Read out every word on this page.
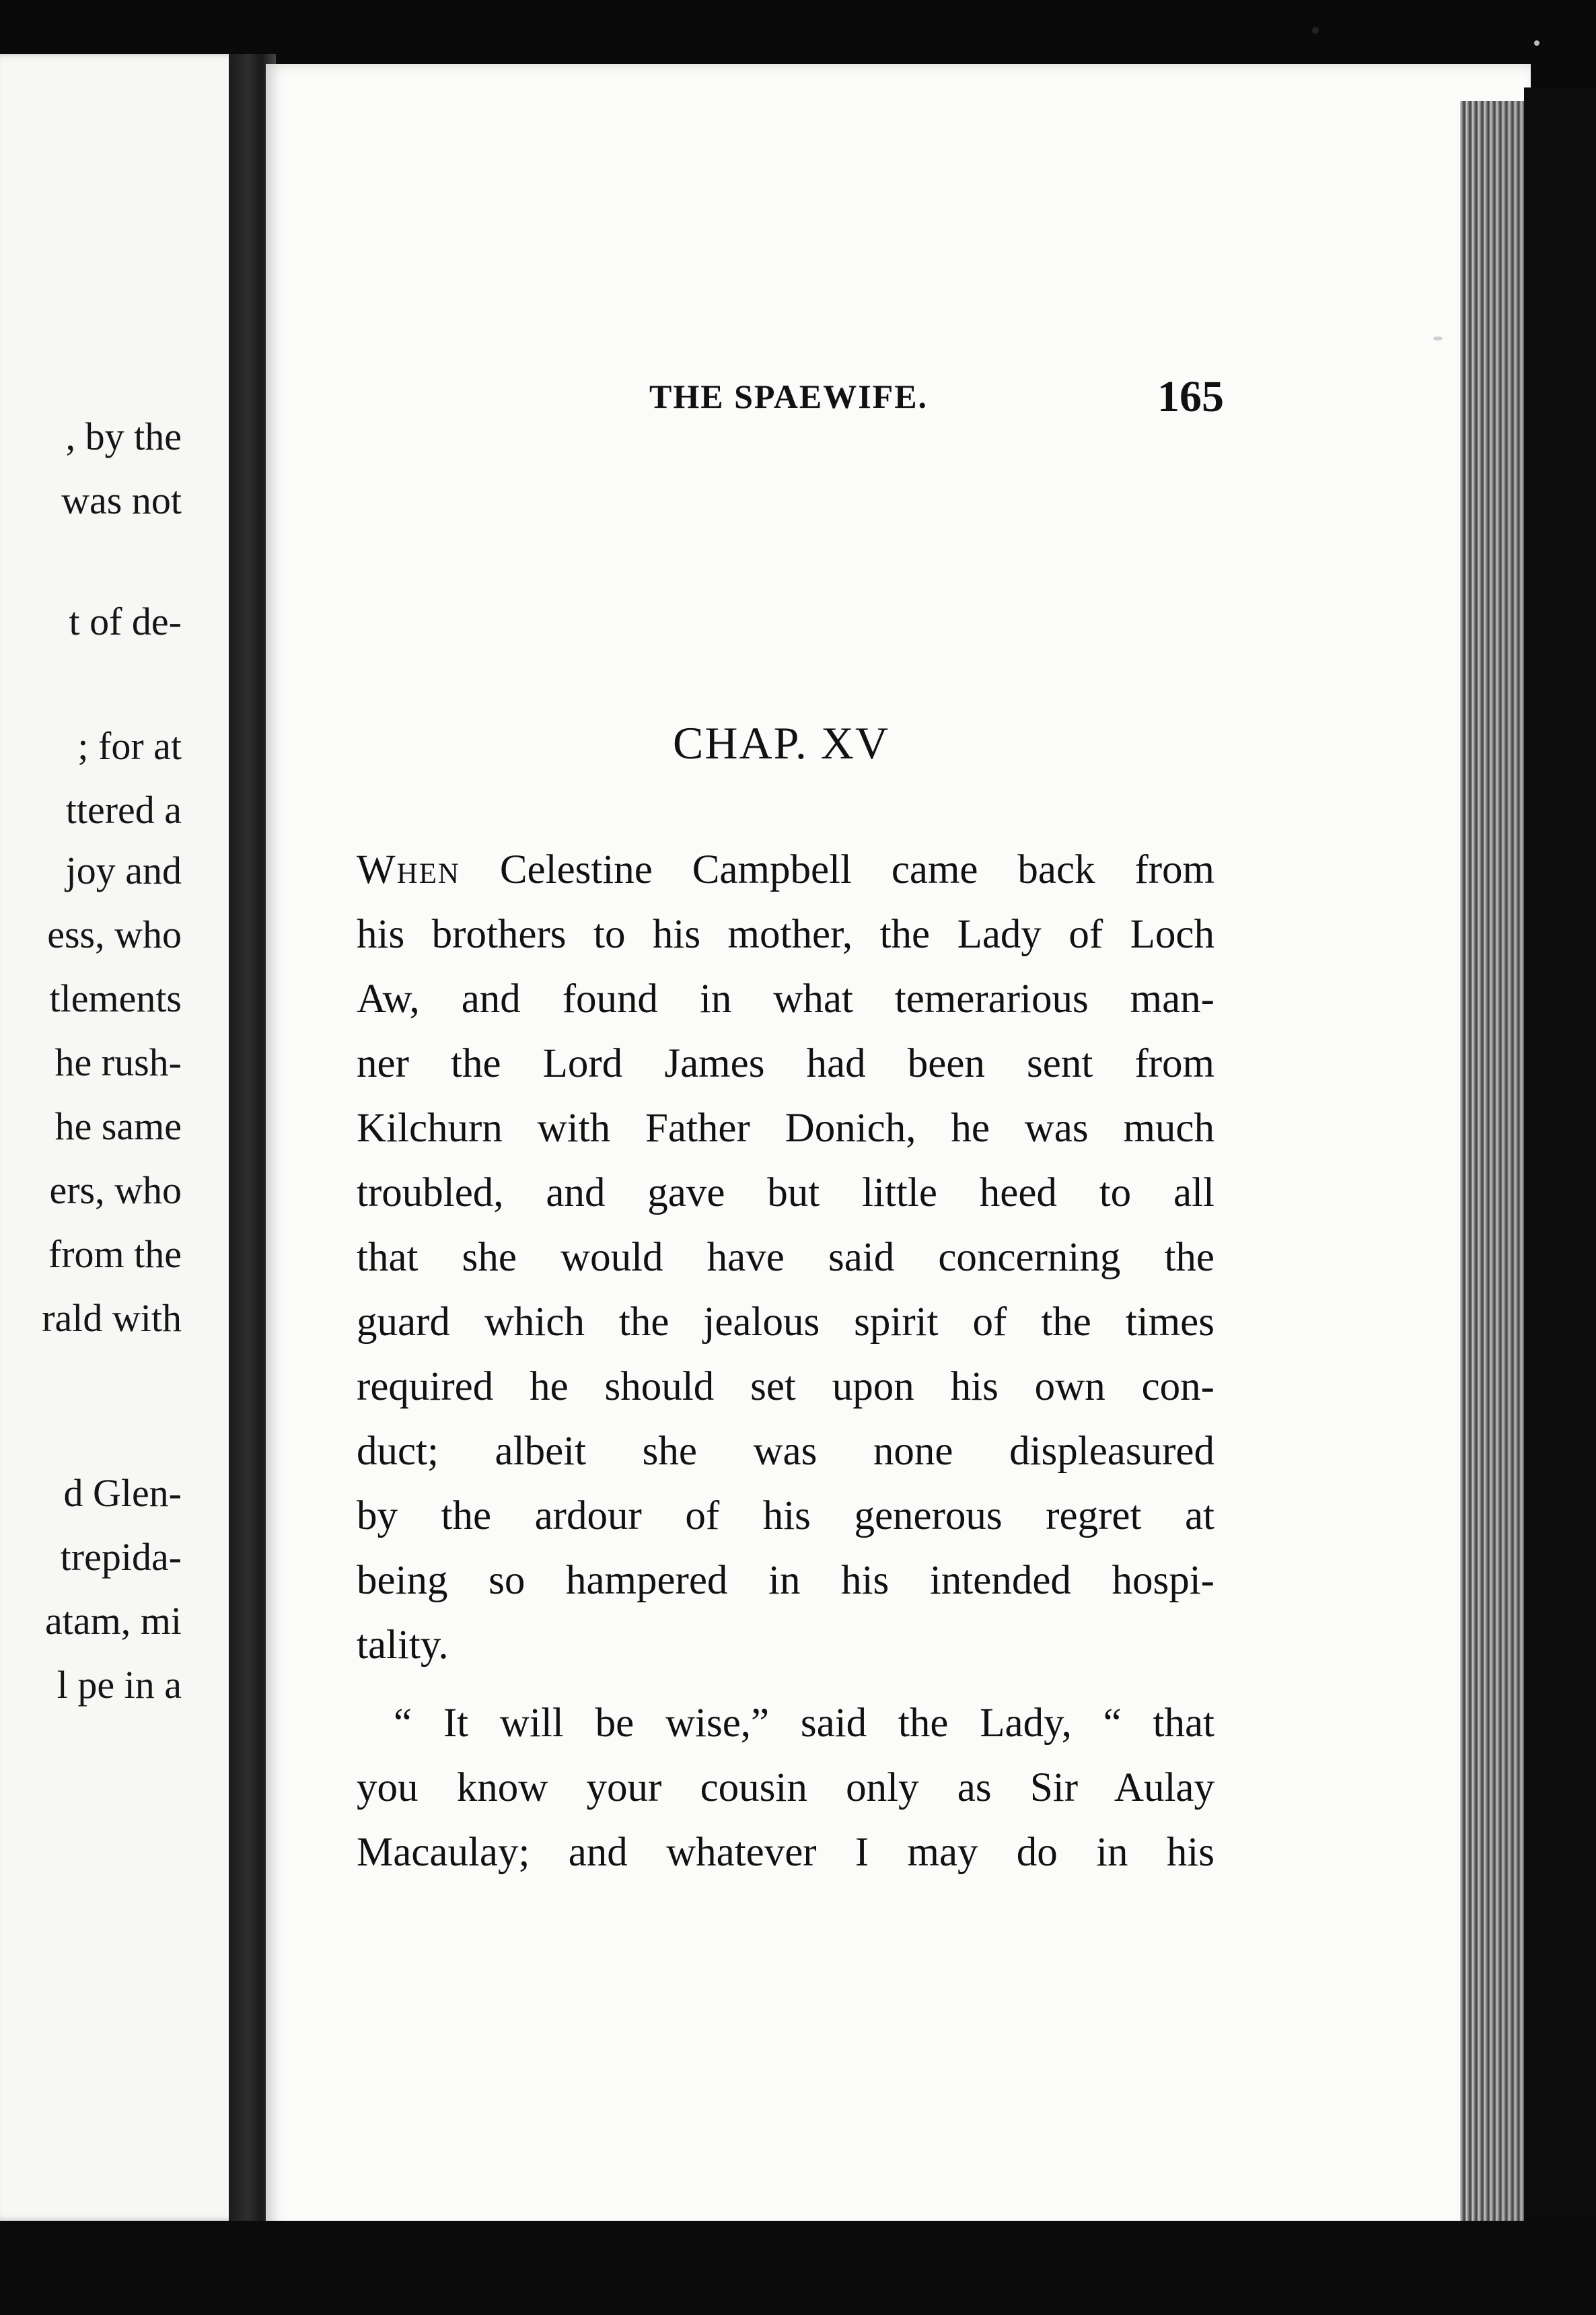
, by the
was not
t of de-
; for at
ttered a
joy and
ess, who
tlements
he rush-
he same
ers, who
from the
rald with
d Glen-
trepida-
atam, mi
l pe in a
THE SPAEWIFE.	165
CHAP. XV
When Celestine Campbell came back from
his brothers to his mother, the Lady of Loch
Aw, and found in what temerarious man-
ner the Lord James had been sent from
Kilchurn with Father Donich, he was much
troubled, and gave but little heed to all
that she would have said concerning the
guard which the jealous spirit of the times
required he should set upon his own con-
duct; albeit she was none displeasured
by the ardour of his generous regret at
being so hampered in his intended hospi-
tality.
“ It will be wise,” said the Lady, “ that
you know your cousin only as Sir Aulay
Macaulay; and whatever I may do in his
